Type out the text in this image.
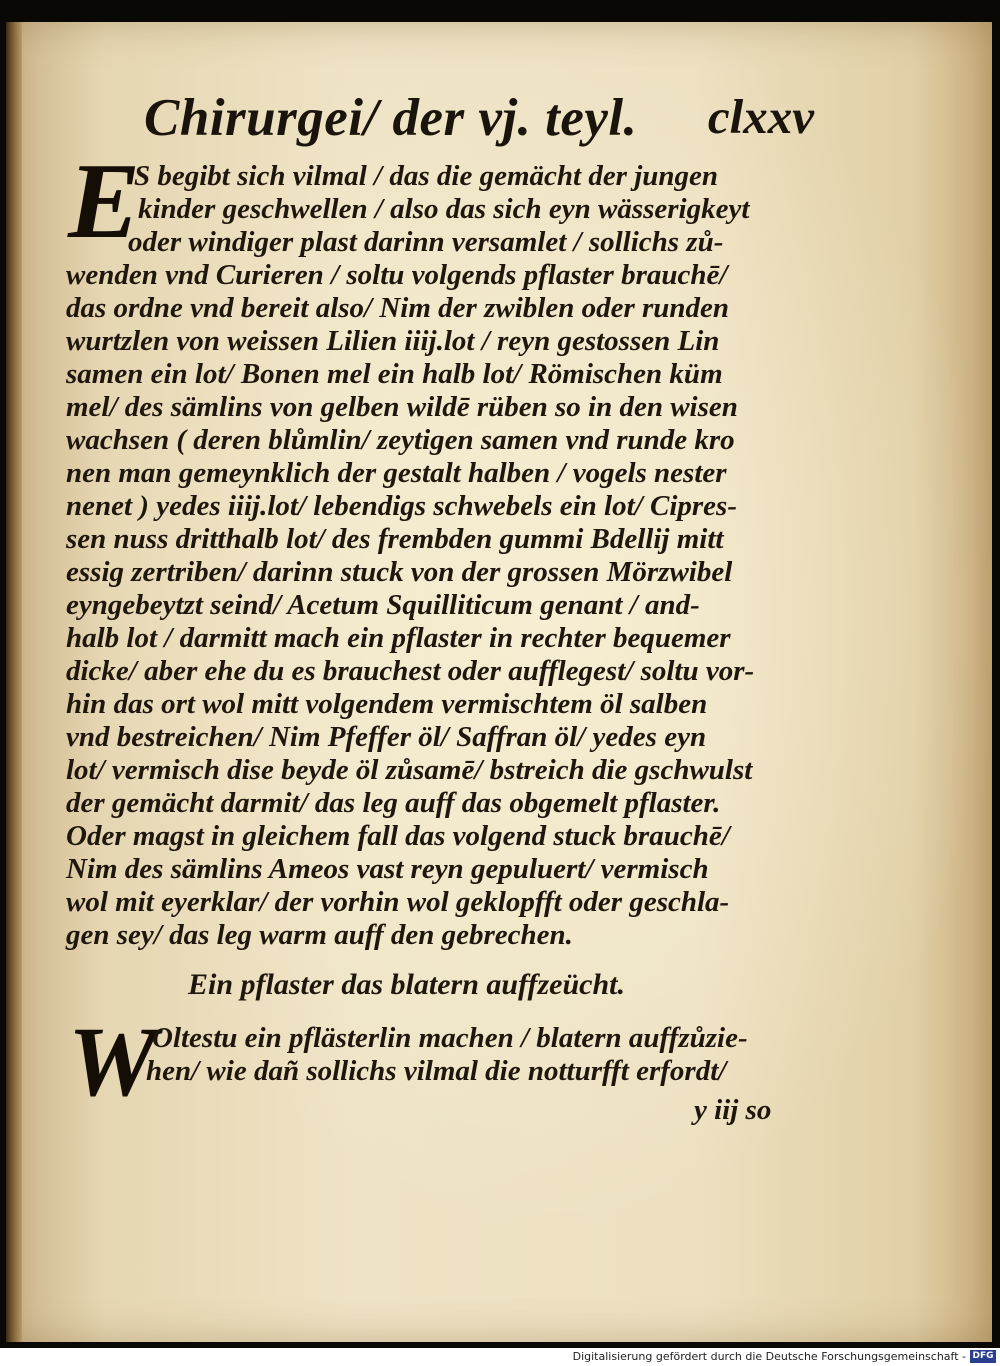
Chirurgei/ der vj. teyl. clxxv
E
S begibt sich vilmal / das die gemächt der jungen
kinder geschwellen / also das sich eyn wässerigkeyt
oder windiger plast darinn versamlet / sollichs zů-
wenden vnd Curieren / soltu volgends pflaster brauchē/
das ordne vnd bereit also/ Nim der zwiblen oder runden
wurtzlen von weissen Lilien iiij.lot / reyn gestossen Lin
samen ein lot/ Bonen mel ein halb lot/ Römischen küm
mel/ des sämlins von gelben wildē rüben so in den wisen
wachsen ( deren blůmlin/ zeytigen samen vnd runde kro
nen man gemeynklich der gestalt halben / vogels nester
nenet ) yedes iiij.lot/ lebendigs schwebels ein lot/ Cipres-
sen nuss dritthalb lot/ des frembden gummi Bdellij mitt
essig zertriben/ darinn stuck von der grossen Mörzwibel
eyngebeytzt seind/ Acetum Squilliticum genant / and-
halb lot / darmitt mach ein pflaster in rechter bequemer
dicke/ aber ehe du es brauchest oder aufflegest/ soltu vor-
hin das ort wol mitt volgendem vermischtem öl salben
vnd bestreichen/ Nim Pfeffer öl/ Saffran öl/ yedes eyn
lot/ vermisch dise beyde öl zůsamē/ bstreich die gschwulst
der gemächt darmit/ das leg auff das obgemelt pflaster.
Oder magst in gleichem fall das volgend stuck brauchē/
Nim des sämlins Ameos vast reyn gepuluert/ vermisch
wol mit eyerklar/ der vorhin wol geklopfft oder geschla-
gen sey/ das leg warm auff den gebrechen.
Ein pflaster das blatern auffzeücht.
W
Oltestu ein pflästerlin machen / blatern auffzůzie-
hen/ wie dañ sollichs vilmal die notturfft erfordt/
y iij so
Digitalisierung gefördert durch die Deutsche Forschungsgemeinschaft - DFG
